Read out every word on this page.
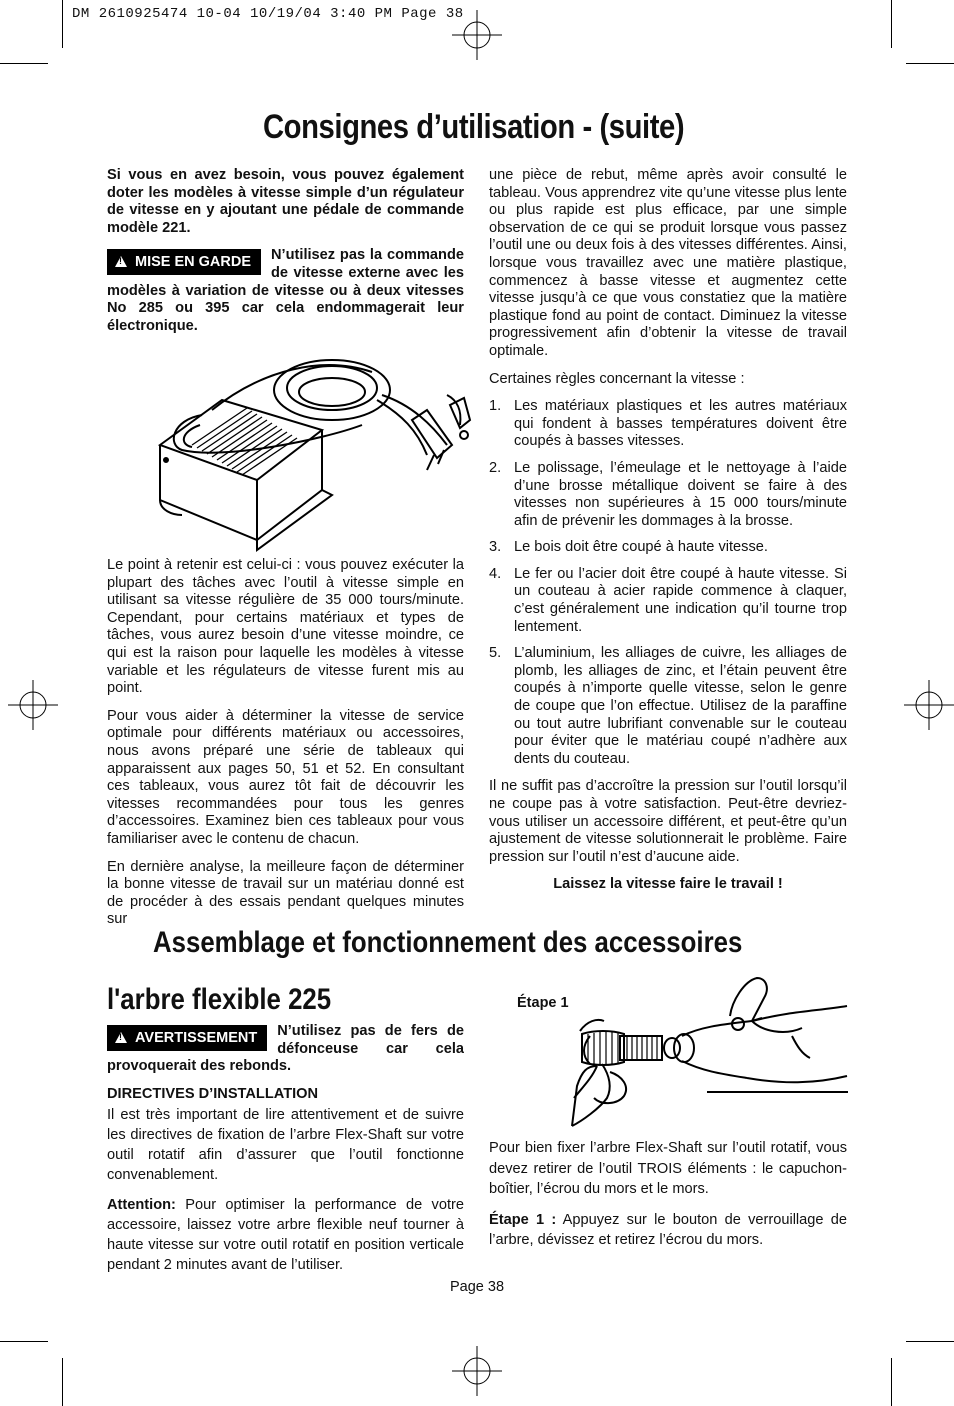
DM 2610925474 10-04 10/19/04 3:40 PM Page 38
Consignes d’utilisation - (suite)

Si vous en avez besoin, vous pouvez également doter les modèles à vitesse simple d’un régulateur de vitesse en y ajoutant une pédale de commande modèle 221.

!MISE EN GARDE	N’utilisez pas la commande de vitesse externe avec les modèles à variation de vitesse ou à deux vitesses No 285 ou 395 car cela endommagerait leur électronique.

Le point à retenir est celui-ci : vous pouvez exécuter la plupart des tâches avec l’outil à vitesse simple en utilisant sa vitesse régulière de 35 000 tours/minute. Cependant, pour certains matériaux et types de tâches, vous aurez besoin d’une vitesse moindre, ce qui est la raison pour laquelle les modèles à vitesse variable et les régulateurs de vitesse furent mis au point.

Pour vous aider à déterminer la vitesse de service optimale pour différents matériaux ou accessoires, nous avons préparé une série de tableaux qui apparaissent aux pages 50, 51 et 52. En consultant ces tableaux, vous aurez tôt fait de découvrir les vitesses recommandées pour tous les genres d’accessoires. Examinez bien ces tableaux pour vous familiariser avec le contenu de chacun.

En dernière analyse, la meilleure façon de déterminer la bonne vitesse de travail sur un matériau donné est de procéder à des essais pendant quelques minutes sur

une pièce de rebut, même après avoir consulté le tableau. Vous apprendrez vite qu’une vitesse plus lente ou plus rapide est plus efficace, par une simple observation de ce qui se produit lorsque vous passez l’outil une ou deux fois à des vitesses différentes. Ainsi, lorsque vous travaillez avec une matière plastique, commencez à basse vitesse et augmentez cette vitesse jusqu’à ce que vous constatiez que la matière plastique fond au point de contact. Diminuez la vitesse progressivement afin d’obtenir la vitesse de travail optimale.

Certaines règles concernant la vitesse :

1. Les matériaux plastiques et les autres matériaux qui fondent à basses températures doivent être coupés à basses vitesses.
2. Le polissage, l’émeulage et le nettoyage à l’aide d’une brosse métallique doivent se faire à des vitesses non supérieures à 15 000 tours/minute afin de prévenir les dommages à la brosse.
3. Le bois doit être coupé à haute vitesse.
4. Le fer ou l’acier doit être coupé à haute vitesse. Si un couteau à acier rapide commence à claquer, c’est généralement une indication qu’il tourne trop lentement.
5. L’aluminium, les alliages de cuivre, les alliages de plomb, les alliages de zinc, et l’étain peuvent être coupés à n’importe quelle vitesse, selon le genre de coupe que l’on effectue. Utilisez de la paraffine ou tout autre lubrifiant convenable sur le couteau pour éviter que le matériau coupé n’adhère aux dents du couteau.

Il ne suffit pas d’accroître la pression sur l’outil lorsqu’il ne coupe pas à votre satisfaction. Peut-être devriez-vous utiliser un accessoire différent, et peut-être qu’un ajustement de vitesse solutionnerait le problème. Faire pression sur l’outil n’est d’aucune aide.

Laissez la vitesse faire le travail !

Assemblage et fonctionnement des accessoires
l'arbre flexible 225
!AVERTISSEMENT	N’utilisez pas de fers de défonceuse car cela provoquerait des rebonds.
DIRECTIVES D’INSTALLATION

Il est très important de lire attentivement et de suivre les directives de fixation de l’arbre Flex-Shaft sur votre outil rotatif afin d’assurer que l’outil fonctionne convenablement.

Attention: Pour optimiser la performance de votre accessoire, laissez votre arbre flexible neuf tourner à haute vitesse sur votre outil rotatif en position verticale pendant 2 minutes avant de l’utiliser.

Étape 1

Pour bien fixer l’arbre Flex-Shaft sur l’outil rotatif, vous devez retirer de l’outil TROIS éléments : le capuchon-boîtier, l’écrou du mors et le mors.

Étape 1 : Appuyez sur le bouton de verrouillage de l’arbre, dévissez et retirez l’écrou du mors.

Page 38
